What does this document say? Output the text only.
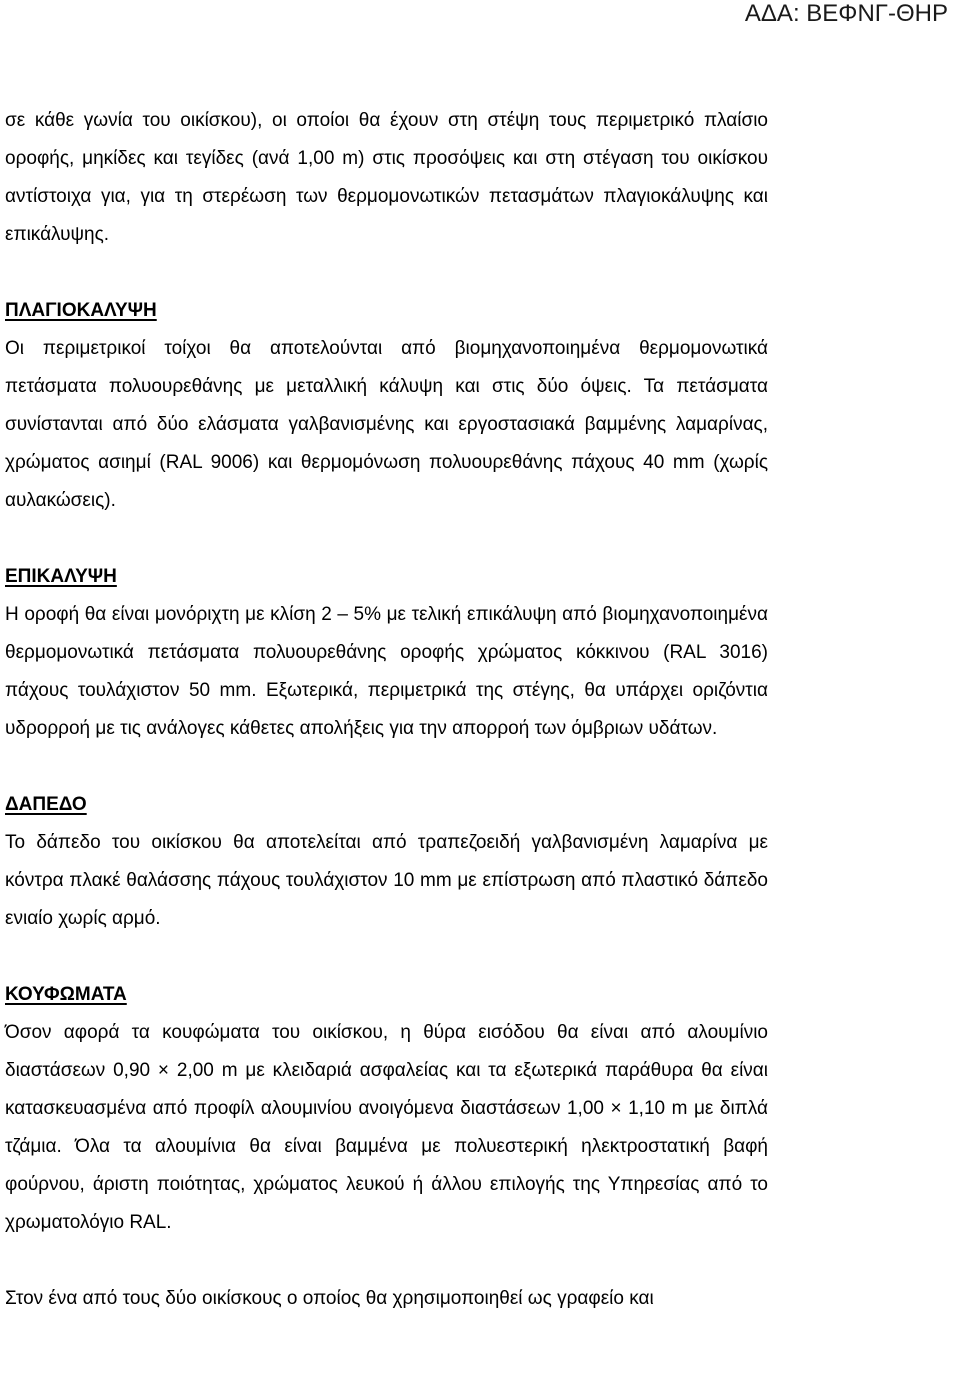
ΑΔΑ: ΒΕΦΝΓ-ΘΗΡ

σε κάθε γωνία του οικίσκου), οι οποίοι θα έχουν στη στέψη τους περιμετρικό πλαίσιο οροφής, μηκίδες και τεγίδες (ανά 1,00 m) στις προσόψεις και στη στέγαση του οικίσκου αντίστοιχα για, για τη στερέωση των θερμομονωτικών πετασμάτων πλαγιοκάλυψης και επικάλυψης.

ΠΛΑΓΙΟΚΑΛΥΨΗ

Οι περιμετρικοί τοίχοι θα αποτελούνται από βιομηχανοποιημένα θερμομονωτικά πετάσματα πολυουρεθάνης με μεταλλική κάλυψη και στις δύο όψεις. Τα πετάσματα συνίστανται από δύο ελάσματα γαλβανισμένης και εργοστασιακά βαμμένης λαμαρίνας, χρώματος ασιημί (RAL 9006) και θερμομόνωση πολυουρεθάνης πάχους 40 mm (χωρίς αυλακώσεις).

ΕΠΙΚΑΛΥΨΗ

Η οροφή θα είναι μονόριχτη με κλίση 2 – 5% με τελική επικάλυψη από βιομηχανοποιημένα θερμομονωτικά πετάσματα πολυουρεθάνης οροφής χρώματος κόκκινου (RAL 3016) πάχους τουλάχιστον 50 mm. Εξωτερικά, περιμετρικά της στέγης, θα υπάρχει οριζόντια υδρορροή με τις ανάλογες κάθετες απολήξεις για την απορροή των όμβριων υδάτων.

ΔΑΠΕΔΟ

Το δάπεδο του οικίσκου θα αποτελείται από τραπεζοειδή γαλβανισμένη λαμαρίνα με κόντρα πλακέ θαλάσσης πάχους τουλάχιστον 10 mm με επίστρωση από πλαστικό δάπεδο ενιαίο χωρίς αρμό.

ΚΟΥΦΩΜΑΤΑ

Όσον αφορά τα κουφώματα του οικίσκου, η θύρα εισόδου θα είναι από αλουμίνιο διαστάσεων 0,90 × 2,00 m με κλειδαριά ασφαλείας και τα εξωτερικά παράθυρα θα είναι κατασκευασμένα από προφίλ αλουμινίου ανοιγόμενα διαστάσεων 1,00 × 1,10 m με διπλά τζάμια. Όλα τα αλουμίνια θα είναι βαμμένα με πολυεστερική ηλεκτροστατική βαφή φούρνου, άριστη ποιότητας, χρώματος λευκού ή άλλου επιλογής της Υπηρεσίας από το χρωματολόγιο RAL.

Στον ένα από τους δύο οικίσκους ο οποίος θα χρησιμοποιηθεί ως γραφείο και
